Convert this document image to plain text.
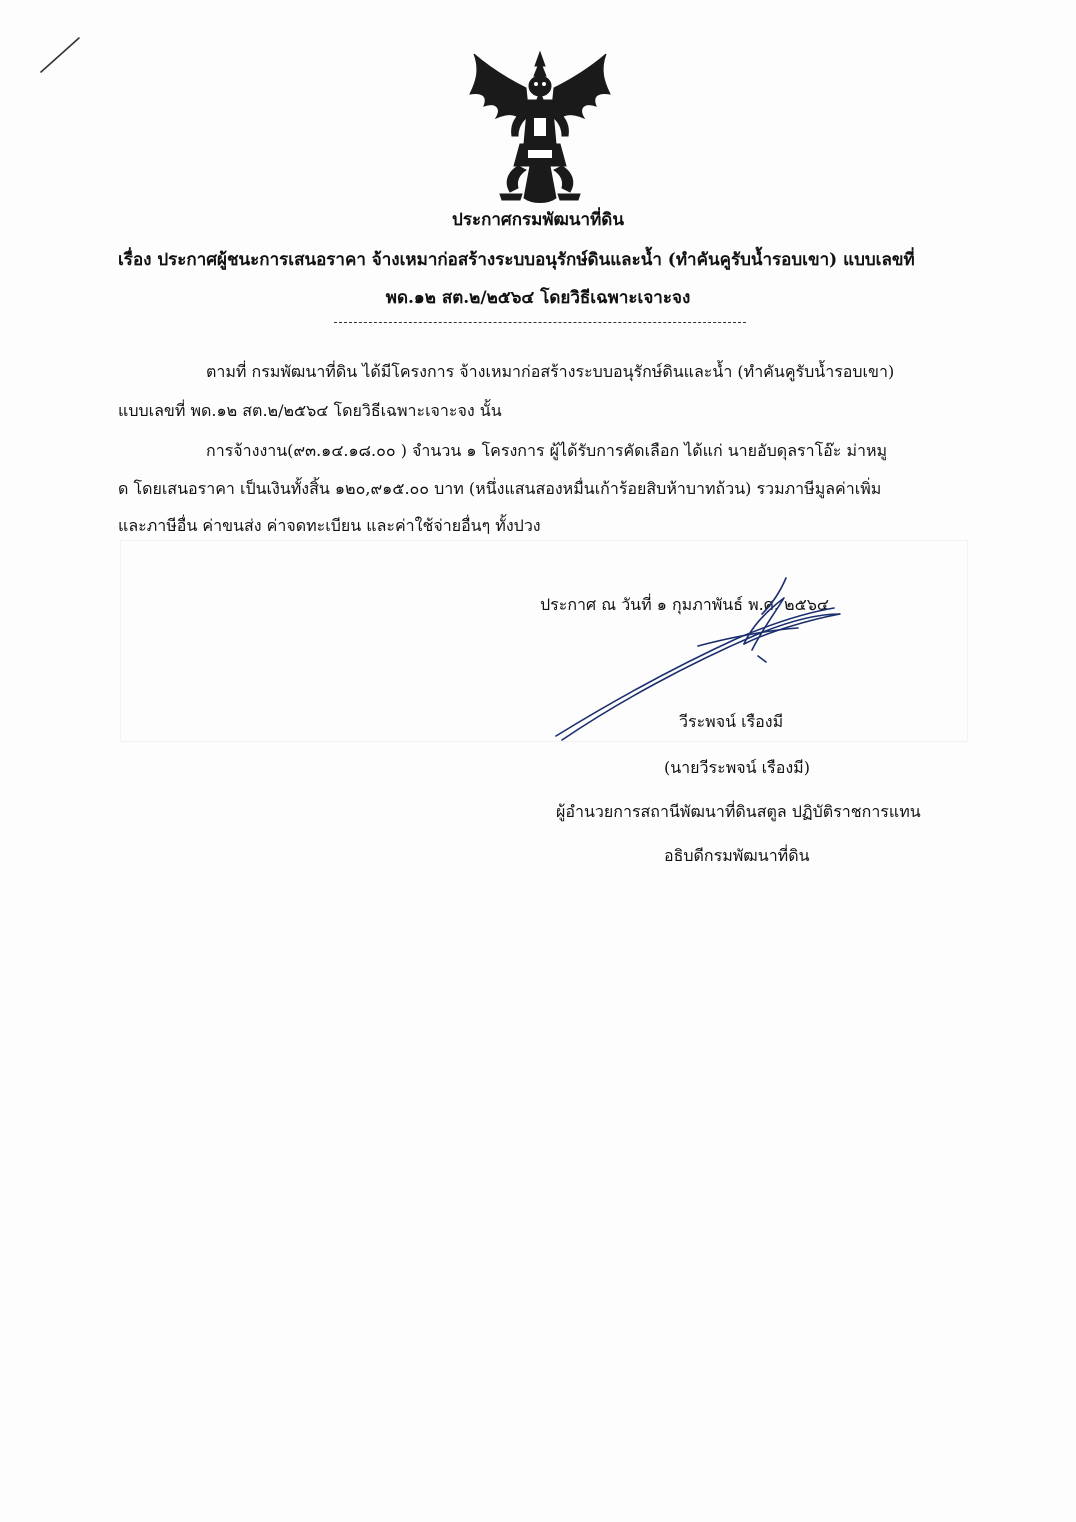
ประกาศกรมพัฒนาที่ดิน
เรื่อง ประกาศผู้ชนะการเสนอราคา จ้างเหมาก่อสร้างระบบอนุรักษ์ดินและน้ำ (ทำคันคูรับน้ำรอบเขา) แบบเลขที่
พด.๑๒ สต.๒/๒๕๖๔ โดยวิธีเฉพาะเจาะจง
ตามที่ กรมพัฒนาที่ดิน ได้มีโครงการ จ้างเหมาก่อสร้างระบบอนุรักษ์ดินและน้ำ (ทำคันคูรับน้ำรอบเขา)
แบบเลขที่ พด.๑๒ สต.๒/๒๕๖๔ โดยวิธีเฉพาะเจาะจง นั้น
การจ้างงาน(๙๓.๑๔.๑๘.๐๐ ) จำนวน ๑ โครงการ ผู้ได้รับการคัดเลือก ได้แก่ นายอับดุลราโอ๊ะ ม่าหมู
ด โดยเสนอราคา เป็นเงินทั้งสิ้น ๑๒๐,๙๑๕.๐๐ บาท (หนึ่งแสนสองหมื่นเก้าร้อยสิบห้าบาทถ้วน) รวมภาษีมูลค่าเพิ่ม
และภาษีอื่น ค่าขนส่ง ค่าจดทะเบียน และค่าใช้จ่ายอื่นๆ ทั้งปวง
ประกาศ ณ วันที่ ๑ กุมภาพันธ์ พ.ศ. ๒๕๖๔
วีระพจน์ เรืองมี
(นายวีระพจน์ เรืองมี)
ผู้อำนวยการสถานีพัฒนาที่ดินสตูล ปฏิบัติราชการแทน
อธิบดีกรมพัฒนาที่ดิน
